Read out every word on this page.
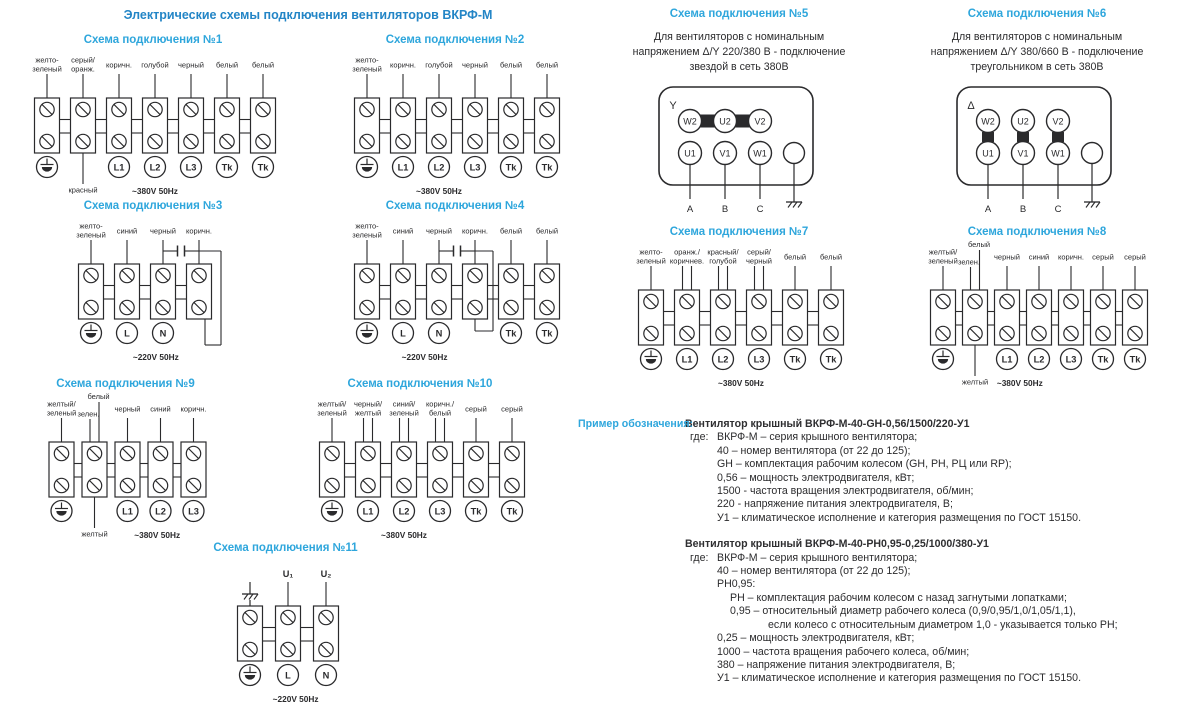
Электрические схемы подключения вентиляторов ВКРФ-М
Схема подключения №1
желто-
зеленый
серый/
оранж.
красный
коричн.
L1
голубой
L2
черный
L3
белый
Tk
белый
Tk
~380V 50Hz
Схема подключения №2
желто-
зеленый коричн.
L1
голубой
L2
черный
L3
белый
Tk
белый
Tk
~380V 50Hz
Схема подключения №5
Для вентиляторов с номинальным
напряжением Δ/Y 220/380 В - подключение
звездой в сеть 380В
Y
W2 U2	V2
U1	V1	W1
A	B	C
Схема подключения №6
Для вентиляторов с номинальным
напряжением Δ/Y 380/660 В - подключение
треугольником в сеть 380В
Δ
W2 U2	V2
U1	V1	W1
A	B	C
Схема подключения №3
желто-
зеленый синий
L
черный
N
коричн.
~220V 50Hz
Схема подключения №4
желто-
зеленый синий
L
черный
N
коричн. белый
Tk
белый
Tk
~220V 50Hz
Схема подключения №7
желто-
зеленый
оранж./
коричнев.
L1
красный/
голубой
L2
серый/
черный
L3
белый
Tk
белый
Tk
~380V 50Hz
Схема подключения №8
желтый/
зеленый зелен.
белый
желтый
черный
L1
синий
L2
коричн.
L3
серый
Tk
серый
Tk
~380V 50Hz
Схема подключения №9
желтый/
зеленый зелен.
белый
желтый
черный
L1
синий
L2
коричн.
L3
~380V 50Hz
Схема подключения №10
желтый/
зеленый
черный/
желтый
L1
синий/
зеленый
L2
коричн./
белый
L3
серый
Tk
серый
Tk
~380V 50Hz
Схема подключения №11
U₁
L
U₂
N
~220V 50Hz
Пример обозначения:
Вентилятор крышный ВКРФ-М-40-GH-0,56/1500/220-У1
ВКРФ-М – серия крышного вентилятора;
где:
40 – номер вентилятора (от 22 до 125);
GH – комплектация рабочим колесом (GH, РН, РЦ или RP);
0,56 – мощность электродвигателя, кВт;
1500 - частота вращения электродвигателя, об/мин;
220 - напряжение питания электродвигателя, В;
У1 – климатическое исполнение и категория размещения по ГОСТ 15150.
Вентилятор крышный ВКРФ-М-40-РН0,95-0,25/1000/380-У1
ВКРФ-М – серия крышного вентилятора;
где:
40 – номер вентилятора (от 22 до 125);
РН0,95:
РН – комплектация рабочим колесом с назад загнутыми лопатками;
0,95 – относительный диаметр рабочего колеса (0,9/0,95/1,0/1,05/1,1),
если колесо с относительным диаметром 1,0 - указывается только РН;
0,25 – мощность электродвигателя, кВт;
1000 – частота вращения рабочего колеса, об/мин;
380 – напряжение питания электродвигателя, В;
У1 – климатическое исполнение и категория размещения по ГОСТ 15150.
